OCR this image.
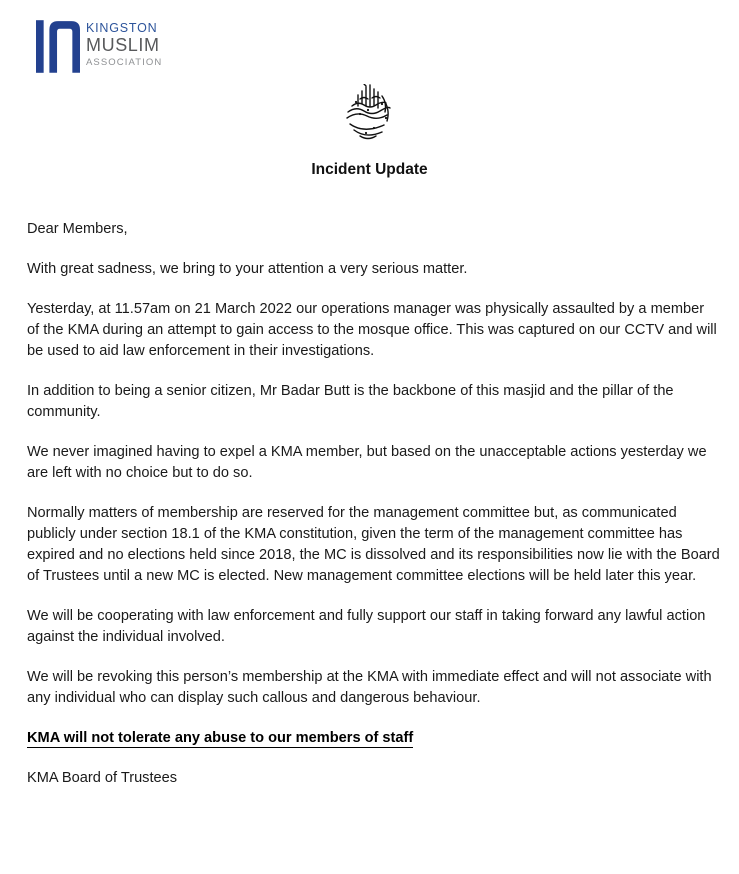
KINGSTON
MUSLIM
ASSOCIATION
Incident Update

Dear Members,

With great sadness, we bring to your attention a very serious matter.

Yesterday, at 11.57am on 21 March 2022 our operations manager was physically assaulted by a member of the KMA during an attempt to gain access to the mosque office. This was captured on our CCTV and will be used to aid law enforcement in their investigations.

In addition to being a senior citizen, Mr Badar Butt is the backbone of this masjid and the pillar of the community.

We never imagined having to expel a KMA member, but based on the unacceptable actions yesterday we are left with no choice but to do so.

Normally matters of membership are reserved for the management committee but, as communicated publicly under section 18.1 of the KMA constitution, given the term of the management committee has expired and no elections held since 2018, the MC is dissolved and its responsibilities now lie with the Board of Trustees until a new MC is elected. New management committee elections will be held later this year.

We will be cooperating with law enforcement and fully support our staff in taking forward any lawful action against the individual involved.

We will be revoking this person’s membership at the KMA with immediate effect and will not associate with any individual who can display such callous and dangerous behaviour.

KMA will not tolerate any abuse to our members of staff

KMA Board of Trustees
